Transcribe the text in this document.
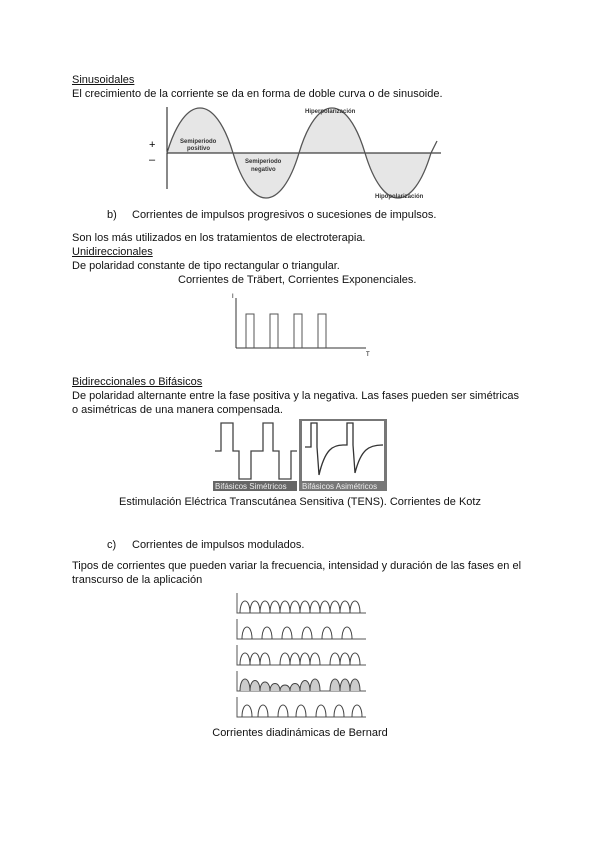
Sinusoidales
El crecimiento de la corriente se da en forma de doble curva o de sinusoide.
+
–
Semiperiodo
positivo
Semiperiodo
negativo
Hiperpolarización
Hipopolarización
b) Corrientes de impulsos progresivos o sucesiones de impulsos.
Son los más utilizados en los tratamientos de electroterapia.
Unidireccionales
De polaridad constante de tipo rectangular o triangular.
Corrientes de Träbert, Corrientes Exponenciales.
I
T
Bidireccionales o Bifásicos
De polaridad alternante entre la fase positiva y la negativa. Las fases pueden ser simétricas
o asimétricas de una manera compensada.
Bifásicos Simétricos Bifásicos Asimétricos
Estimulación Eléctrica Transcutánea Sensitiva (TENS). Corrientes de Kotz
c) Corrientes de impulsos modulados.
Tipos de corrientes que pueden variar la frecuencia, intensidad y duración de las fases en el
transcurso de la aplicación
Corrientes diadinámicas de Bernard
